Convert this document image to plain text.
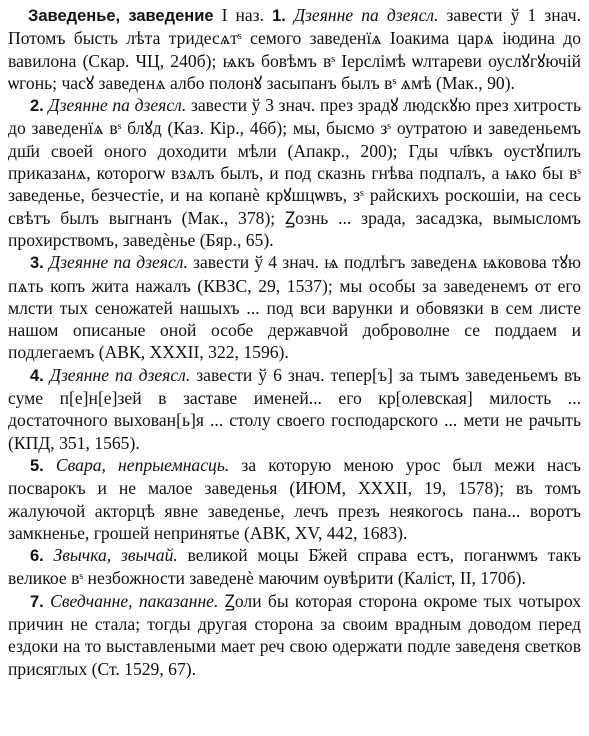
Заведенье, заведение I наз. 1. Дзеянне па дзеясл. завести ў 1 знач. Потомъ бысть лѣта тридесѧтˢ семого заведенїѧ Іоакима царѧ іюдина до вавилона (Скар. ЧЦ, 240б); ѩкъ бовѣмъ вˢ Іерслімѣ ѡлтареви оуслꙋгꙋючій ѡгонь; часꙋ заведенѧ албо полонꙋ засыпанъ былъ вˢ ѧмѣ (Мак., 90).

2. Дзеянне па дзеясл. завести ў 3 знач. през зрадꙋ людскꙋю през хитрость до заведенїѧ вˢ блꙋд (Каз. Кір., 46б); мы, бысмо зˢ оутратою и заведеньемъ дш҃и своей оного доходити мѣли (Апакр., 200); Гды чл҃вкъ оустꙋпилъ приказанѧ, которогѡ взѧлъ былъ, и под сказнь гнѣва подпалъ, а ѩко бы вˢ заведенье, безчестіе, и на копанѐ крꙋшцѡвъ, зˢ райскихъ роскошіи, на сесь свѣтъ былъ выгнанъ (Мак., 378); Ꙁознь ... зрада, засадзка, вымысломъ прохирствомъ, заведѐнье (Бяр., 65).

3. Дзеянне па дзеясл. завести ў 4 знач. ѩ подлѣгъ заведенѧ ѩковова тꙋю пѧть копъ жита нажалъ (КВЗС, 29, 1537); мы особы за заведенемъ от его млсти тых сеножатей нашыхъ ... под вси варунки и обовязки в сем листе нашом описаные оной особе державчой доброволне се поддаем и подлегаемъ (АВК, XXXII, 322, 1596).

4. Дзеянне па дзеясл. завести ў 6 знач. тепер[ъ] за тымъ заведеньемъ въ суме п[е]н[е]зей в заставе именей... его кр[олевская] милость ... достаточного выхован[ь]я ... столу своего господарского ... мети не рачыть (КПД, 351, 1565).

5. Свара, непрыемнасць. за которую меною урос был межи насъ посварокъ и не малое заведенья (ИЮМ, XXXII, 19, 1578); въ томъ жалуючой акторцѣ явне заведенье, лечъ презъ неякогось пана... воротъ замкненье, грошей непринятье (АВК, XV, 442, 1683).

6. Звычка, звычай. великой моцы Б҃жей справа естъ, поганѡмъ такъ великое вˢ незбожности заведенѐ маючим оувѣрити (Каліст, II, 170б).

7. Сведчанне, паказанне. Ꙁоли бы которая сторона окроме тых чотырох причин не стала; тогды другая сторона за своим врадным доводом перед ездоки на то выставлеными мает реч свою одержати подле заведеня светков присяглых (Ст. 1529, 67).
